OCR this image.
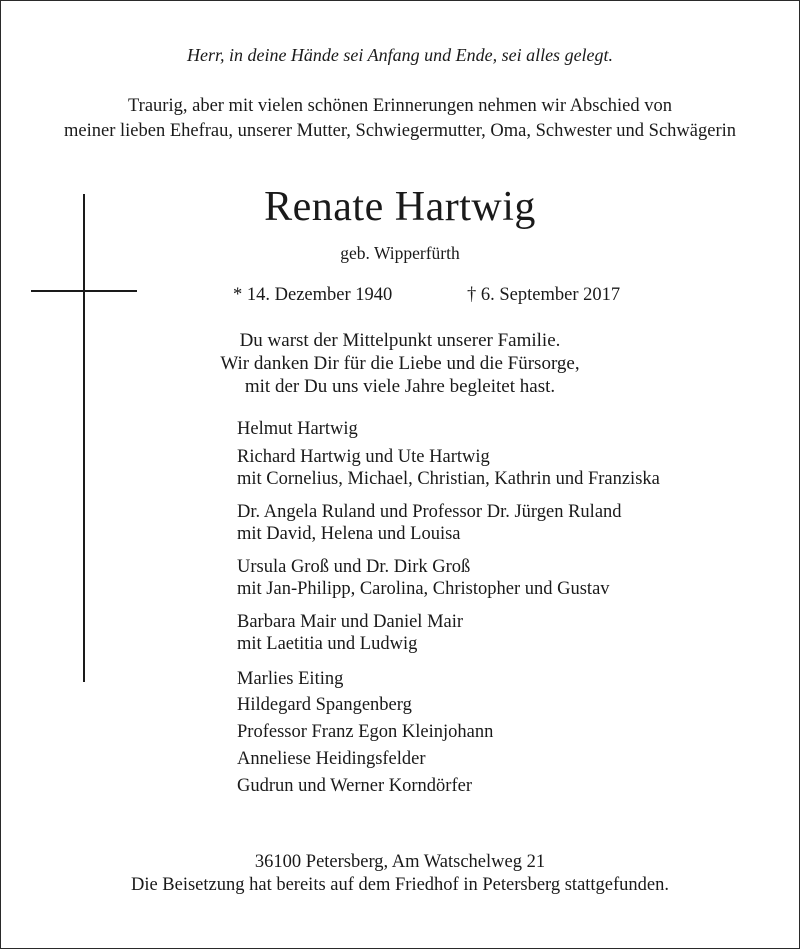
Herr, in deine Hände sei Anfang und Ende, sei alles gelegt.
Traurig, aber mit vielen schönen Erinnerungen nehmen wir Abschied von
meiner lieben Ehefrau, unserer Mutter, Schwiegermutter, Oma, Schwester und Schwägerin
Renate Hartwig
geb. Wipperfürth
* 14. Dezember 1940	† 6. September 2017
Du warst der Mittelpunkt unserer Familie.
Wir danken Dir für die Liebe und die Fürsorge,
mit der Du uns viele Jahre begleitet hast.
Helmut Hartwig
Richard Hartwig und Ute Hartwig
mit Cornelius, Michael, Christian, Kathrin und Franziska
Dr. Angela Ruland und Professor Dr. Jürgen Ruland
mit David, Helena und Louisa
Ursula Groß und Dr. Dirk Groß
mit Jan-Philipp, Carolina, Christopher und Gustav
Barbara Mair und Daniel Mair
mit Laetitia und Ludwig
Marlies Eiting
Hildegard Spangenberg
Professor Franz Egon Kleinjohann
Anneliese Heidingsfelder
Gudrun und Werner Korndörfer
36100 Petersberg, Am Watschelweg 21
Die Beisetzung hat bereits auf dem Friedhof in Petersberg stattgefunden.
